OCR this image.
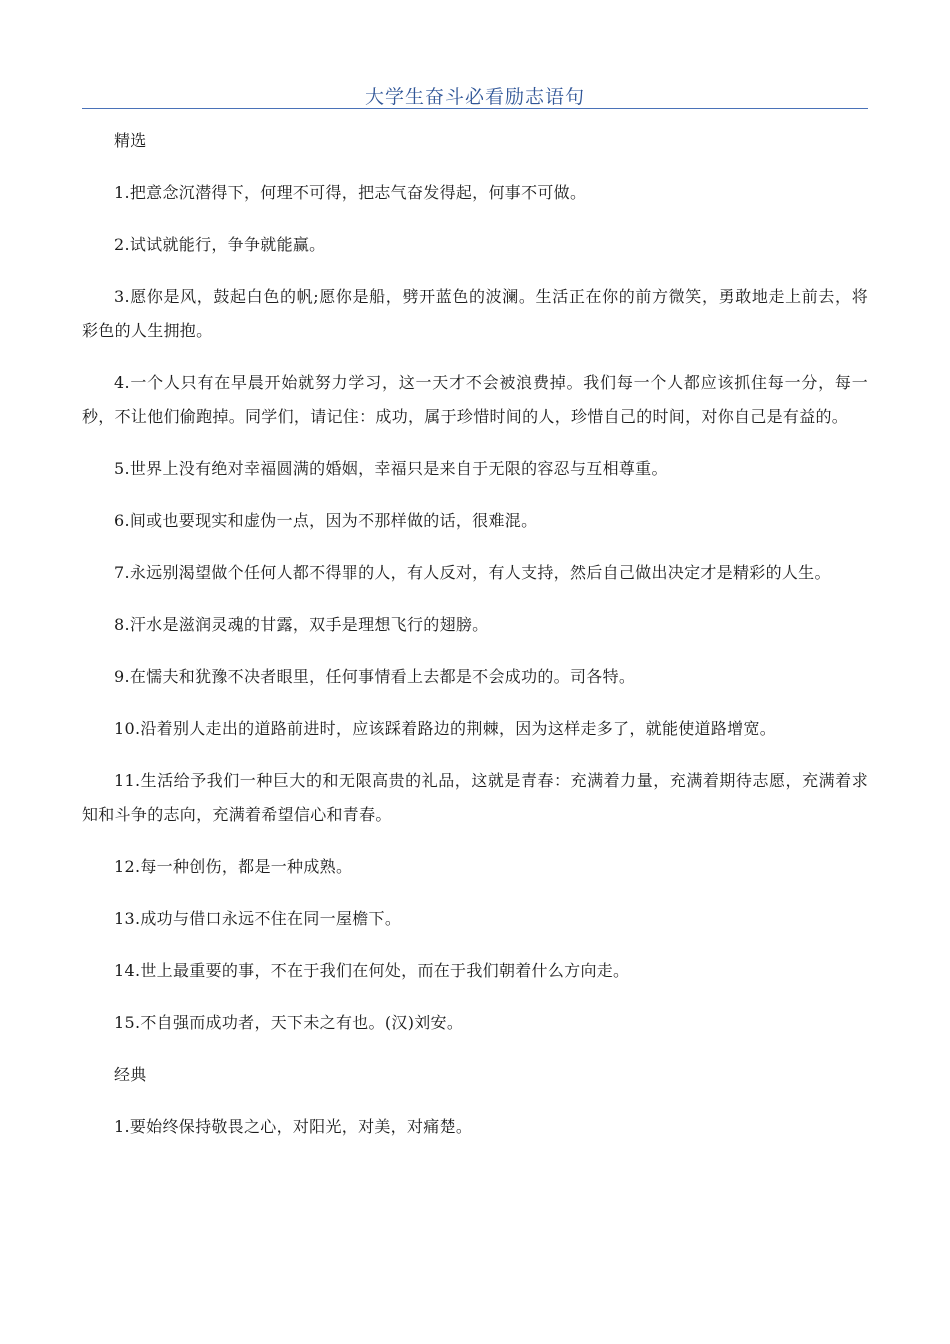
大学生奋斗必看励志语句

精选

1.把意念沉潜得下，何理不可得，把志气奋发得起，何事不可做。

2.试试就能行，争争就能赢。

3.愿你是风，鼓起白色的帆;愿你是船，劈开蓝色的波澜。生活正在你的前方微笑，勇敢地走上前去，将彩色的人生拥抱。

4.一个人只有在早晨开始就努力学习，这一天才不会被浪费掉。我们每一个人都应该抓住每一分，每一秒，不让他们偷跑掉。同学们，请记住：成功，属于珍惜时间的人，珍惜自己的时间，对你自己是有益的。

5.世界上没有绝对幸福圆满的婚姻，幸福只是来自于无限的容忍与互相尊重。

6.间或也要现实和虚伪一点，因为不那样做的话，很难混。

7.永远别渴望做个任何人都不得罪的人，有人反对，有人支持，然后自己做出决定才是精彩的人生。

8.汗水是滋润灵魂的甘露，双手是理想飞行的翅膀。

9.在懦夫和犹豫不决者眼里，任何事情看上去都是不会成功的。司各特。

10.沿着别人走出的道路前进时，应该踩着路边的荆棘，因为这样走多了，就能使道路增宽。

11.生活给予我们一种巨大的和无限高贵的礼品，这就是青春：充满着力量，充满着期待志愿，充满着求知和斗争的志向，充满着希望信心和青春。

12.每一种创伤，都是一种成熟。

13.成功与借口永远不住在同一屋檐下。

14.世上最重要的事，不在于我们在何处，而在于我们朝着什么方向走。

15.不自强而成功者，天下未之有也。(汉)刘安。

经典

1.要始终保持敬畏之心，对阳光，对美，对痛楚。
